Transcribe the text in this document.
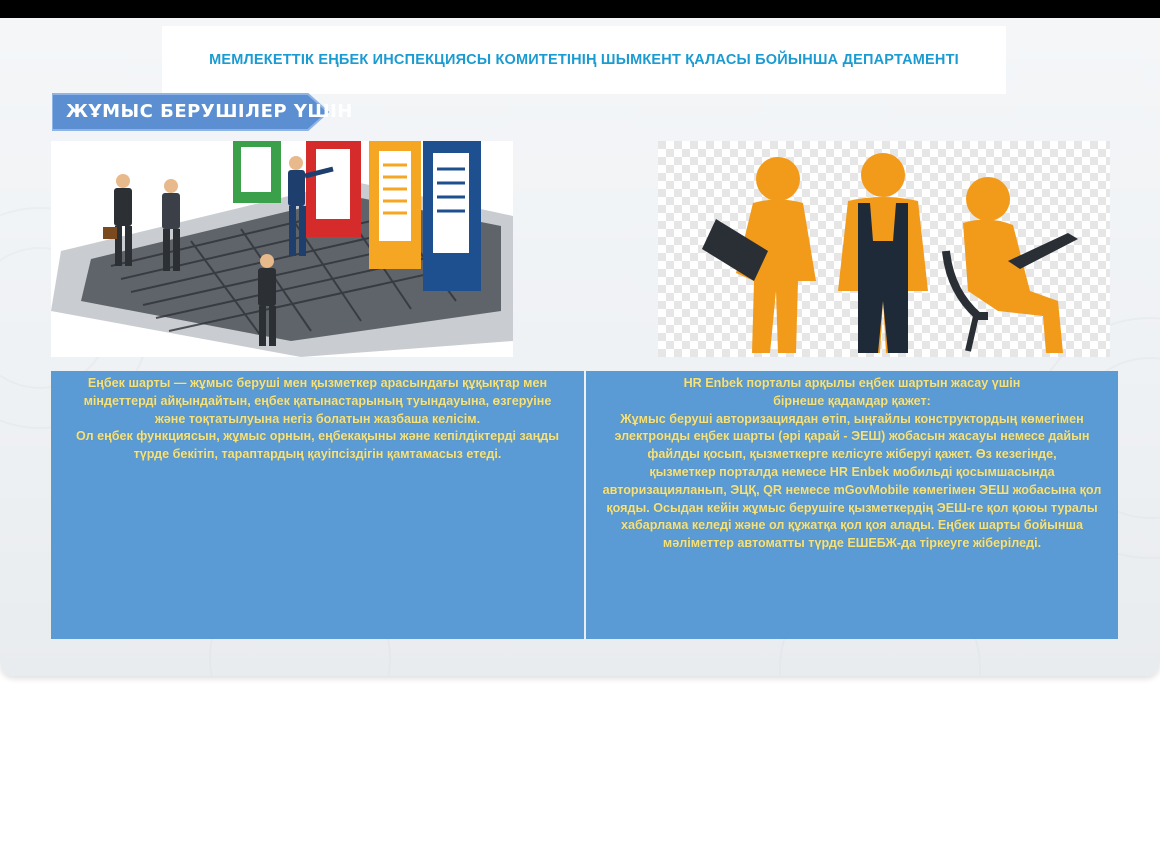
МЕМЛЕКЕТТІК ЕҢБЕК ИНСПЕКЦИЯСЫ КОМИТЕТІНІҢ ШЫМКЕНТ ҚАЛАСЫ БОЙЫНША ДЕПАРТАМЕНТІ
ЖҰМЫС БЕРУШІЛЕР ҮШІН

Еңбек шарты — жұмыс беруші мен қызметкер арасындағы құқықтар мен

міндеттерді айқындайтын, еңбек қатынастарының туындауына, өзгеруіне

және тоқтатылуына негіз болатын жазбаша келісім.

Ол еңбек функциясын, жұмыс орнын, еңбекақыны және кепілдіктерді заңды

түрде бекітіп, тараптардың қауіпсіздігін қамтамасыз етеді.

HR Enbek порталы арқылы еңбек шартын жасау үшін

бірнеше қадамдар қажет:

Жұмыс беруші авторизациядан өтіп, ыңғайлы конструктордың көмегімен

электронды еңбек шарты (әрі қарай - ЭЕШ) жобасын жасауы немесе дайын

файлды қосып, қызметкерге келісуге жіберуі қажет. Өз кезегінде,

қызметкер порталда немесе HR Enbek мобильді қосымшасында

авторизацияланып, ЭЦҚ, QR немесе mGovMobile көмегімен ЭЕШ жобасына қол

қояды. Осыдан кейін жұмыс берушіге қызметкердің ЭЕШ-ге қол қоюы туралы

хабарлама келеді және ол құжатқа қол қоя алады. Еңбек шарты бойынша

мәліметтер автоматты түрде ЕШЕБЖ-да тіркеуге жіберіледі.
